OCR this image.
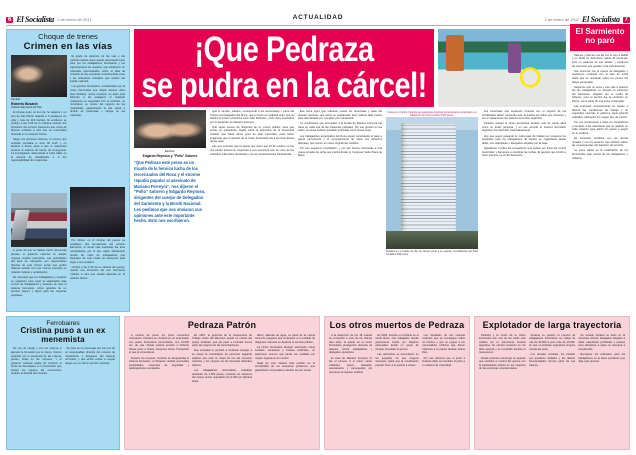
6 El Socialista 2 de enero de 2011	2 de enero de 2011 El Socialista 7
ACTUALIDAD
Choque de trenes
Crimen en las vías
Cambio:
Roberto Bosardi
Cristina Sarmiento de Tren

El choque entre un tren de 7a máquina y un tren de San Martín dejando a 6 pasajeros sin vida y más de 200 heridos. El accidente se produjo a las 6.45 de la mañana cuando una formación del servicio Sarmiento que venía de Moreno embistió a otra que se encontraba detenida en la estación Flores.

Según los primeros informes, el convoy que embistió circulaba a unos 60 km/h y no alcanzó a frenar, pese a que el maquinista accionó el sistema de frenos de emergencia. La investigación determinará si hubo fallas en el sistema de señalización o si fue responsabilidad del maquinista.

A pesar de que se habían hecho denuncias previas, el gobierno nacional no adoptó ninguna medida preventiva. Las autoridades del área de transporte son responsables directas de este crimen social que podría haberse evitado con una mínima inversión en material rodante y señalización.

Es necesario que los trabajadores y usuarios se organicen para exigir la estatización bajo control de trabajadores y usuarios de todo el sistema ferroviario, única garantía de un servicio seguro y digno para las mayorías populares.

El grado de deterioro de las vías y del material rodante viene siendo denunciado hace años por los trabajadores ferroviarios y las organizaciones de usuarios, que advirtieron en reiteradas oportunidades sobre la falta de inversión de las empresas concesionarias pese a los millonarios subsidios que reciben del Estado nacional.

Los gremios ferroviarios, encabezados por la Unión Ferroviaria que dirigió durante años José Pedraza, nunca movieron un dedo para defender a los pasajeros ni reclamar inversiones en seguridad. Por el contrario, se convirtieron en socios del negocio de las privatizadas, garantizando la paz social a cambio de prebendas y cargos en las empresas.

Por último, en el choque del jueves se estrellaron dos formaciones del servicio Sarmiento, el ramal más transitado del área metropolitana, por el que viajan diariamente cientos de miles de trabajadores que dependen de este medio de transporte para llegar a sus empleos.

Ocurrió a las 6.45 de la mañana del jueves, cuando una formación del tren Sarmiento embistió a otra que estaba detenida en la estación Flores.

¡Que Pedraza
se pudra en la cárcel!
El Sarmiento no paró

Salimos y fijamos una fija con el tren a Salida y en Tarde en Sarmiento. Había 27 personas, pero no paramos en ese estado, y perdimos las personas que quedan. Una sola dirección.

Nos reunimos con el cuerpo de delegados y resolvimos continuar con el plan de lucha hasta que se resuelvan todos los puntos del pliego presentado.

Seguimos que no sería y ese sólo a quienes fue los trabajadores no siempre el comienzo del Sarmiento, dirigidos por el medio de Sobrero, pero el cambio fue la condición en Flores, como parte de una lucha continuada.

Las empresas concesionarias se niegan a discutir las condiciones de trabajo y de seguridad, mientras el gobierno sigue girando subsidios millonarios sin ningún tipo de control.

Por eso convocamos a todos los compañeros a sumarse a las asambleas que se realizan en cada estación para definir los pasos a seguir en el conflicto.

Es necesario coordinar con los demás ramales y con los usuarios, que también sufren las consecuencias del deterioro del servicio.

La única salida es la estatización de los ferrocarriles bajo control de los trabajadores y usuarios.

Escribe:
Edgardo Reynoso y "Pollo" Sobrero
"Que Pedraza esté preso es un triunfo de la heroica lucha de los tercerizados del Roca y el enorme repudio popular al asesinato de Mariano Ferreyra", nos dijeron el "Pollo" Sobrero y Edgardo Reynoso, dirigentes del cuerpo de Delegados del Sarmiento y la Bordó Nacional. Les pedimos que nos enviaran sus opiniones ante este importante hecho. Esto nos escribieron.

Que el cambio, palabra, corresponde a los tercerizados y parte del Cuerpo de Delegados del Roca, que el lunes al mediodía logró que se dictara la prisión preventiva para José Pedraza y otros doce imputados por el asesinato de Mariano Ferreyra.

Que vayan presos los dirigentes de un mismo político: tiene que sentar un precedente. Nadie sobre la estructura de la burocracia sindical, que hasta ahora gozó de total impunidad, pudo haber imaginado que el aparato de la Unión Ferroviaria iba a terminar detrás de las rejas.

Hay que entender que la patota que actuó ese 20 de octubre no fue una banda autónoma: respondía a una estructura que se nutre de los subsidios millonarios del Estado y de las tercerizaciones fraudulentas.

Esa lucha logró que rodearan presos los burócratas y parte del aparato represivo que actuó en Avellaneda, pero todavía falta mucho para desmantelar por completo esa maquinaria.

La movilización que acompañó a la familia de Mariano Ferreyra fue clave en cada una de las instancias judiciales. Sin esa presión en las calles, la causa hubiera quedado archivada como tantas otras.

Los trabajadores tercerizados del Roca siguen reclamando el pase a planta permanente y el reconocimiento de todos sus derechos laborales, que fueron el motivo original del conflicto.

Por eso seguimos movilizados, y por eso hemos convocado a una nueva jornada de lucha que partirá desde el Congreso hacia Plaza de Mayo.

Fotos en el Caribe: Pedraza de vacaciones mientras los ferroviarios reclamaban. La habitación del hotel costaba 4.000 pesos.
Pedraza en el Caribe de Río de Janeiro junto a su esposa. La habitación del hotel costaba 4.000 pesos.

Los burócratas que amasaron fortunas con el negocio de las privatizadas deben responder ante la justicia por todos sus crímenes y por el vaciamiento del sistema ferroviario argentino.

Pedraza manejó la Unión Ferroviaria durante más de veinte años como un feudo personal, y en ese período el sistema ferroviario argentino fue destruido sistemáticamente.

Hoy que seguir peleando en cada lugar de trabajo por recuperar los sindicatos para los trabajadores. El camino es organizarse desde abajo, con asambleas y delegados elegidos por la base.

Saludamos a todos los compañeros que pelean por fuera del control burocrático y llamamos a coordinar las luchas. El ejemplo que brindó a otros gremios, es el del Sarmiento.

Ferrobaires
Cristina puso a un ex menemista

No voy de cargar y con los cuerpos a ejecutar la formación por el mismo. Somos parecido por la presencia de las mismas gentes, todas en las mayores. Y el gobierno nacional acaba de nombrar al frente de Ferrobaires a un funcionario que integró los equipos del menemismo durante la década del noventa.

Se trata de un personaje que fue uno de los responsables directos del proceso de privatización y desguace del sistema ferroviario, y que ahora vuelve a ocupar cargos con el mismo servicio nacional.

Pedraza Patrón

A cambio de poner los pinos momentos necesarios, Pedraza se convirtió en un empresario con poder, ferroviarios tercerizados, con 10.000 ton. de vías. Desde nuestra sección a Ordenar Navas junto a Teatro, Empresa Grupo Transpoblo lo que el conveniente.

Durante los noventa, mientras se desguazaba el sistema ferroviario, el dirigente sindical acumulaba propiedades, empresas de seguridad y participaciones societarias.

En 1997, la gerencia de la Cooperativa de Trabajo Unión del Mercosur quedó en manos del propio sindicato, que así pasó a controlar buena parte del negocio de las tercerizaciones.

Esa sociedad le permitió a Pedraza manejar a su antojo la contratación de personal, pagando salarios que eran la mitad de los del convenio colectivo y sin ninguno de los derechos laborales básicos.

Los trabajadores tercerizados cobraban alrededor de 1.500 pesos, mientras los efectivos del mismo sector superaban los 4.000 por idéntica tarea.

Macri, además de agua, es parte de la misma trama de negocios que enriqueció a un puñado de dirigentes mientras se destruía el servicio público.

La Unión Ferroviaria también administra obras sociales, sanatorios y hoteles sindicales, un patrimonio enorme que jamás fue auditado por ningún organismo de control.

Nada de esto hubiera sido posible sin la complicidad de los sucesivos gobiernos, que garantizaron impunidad a cambio de paz social.

Los otros muertos de Pedraza

A la detención de los 48 cuando se comprobó a mas de los últimos diez años, la patota de la Unión Ferroviaria protagonizó decenas de ataques contra trabajadores y delegados opositores.

El caso de Mariano Ferreyra no fue el primero ni el único: varios militantes fueron baleados, amenazados y perseguidos por oponerse al régimen sindical.

En 2004, durante un conflicto en el ramal Roca, otro trabajador resultó gravemente herido por disparos efectuados desde un grupo de choque vinculado al gremio.

Las denuncias se acumularon en los juzgados sin que ninguna avanzara, hasta que la movilización popular forzó a la justicia a actuar.

Los familiares de las víctimas reclaman que se investiguen todos los hechos y que se juzgue a los responsables políticos que dieron cobertura a la patota durante tantos años.

Por eso decimos que el juicio a Pedraza debe ser también el juicio a un sistema de impunidad.

Explotador de larga trayectoria

Pedraza y la Unión de la Unión Ferroviaria son una de las caras más visibles de la burocracia sindical argentina. Su carrera comenzó en los años setenta y se consolidó durante el menemismo.

Desde entonces construyó un aparato que combinó el control del gremio con la participación directa en los negocios de las empresas concesionarias.

Durante su gestión el número de trabajadores ferroviarios se redujo de más de 90.000 a poco más de 15.000, sin que el sindicato organizara ninguna resistencia seria.

Los ramales cerrados, los pueblos que quedaron aislados y los talleres desmantelados forman parte de ese balance.

Su modelo sindical se basó en la represión interna: delegados elegidos a dedo, asambleas prohibidas y patotas para disciplinar a quien se atreviera a cuestionarlo.

Recuperar los sindicatos para los trabajadores es la tarea pendiente que deja este proceso.
